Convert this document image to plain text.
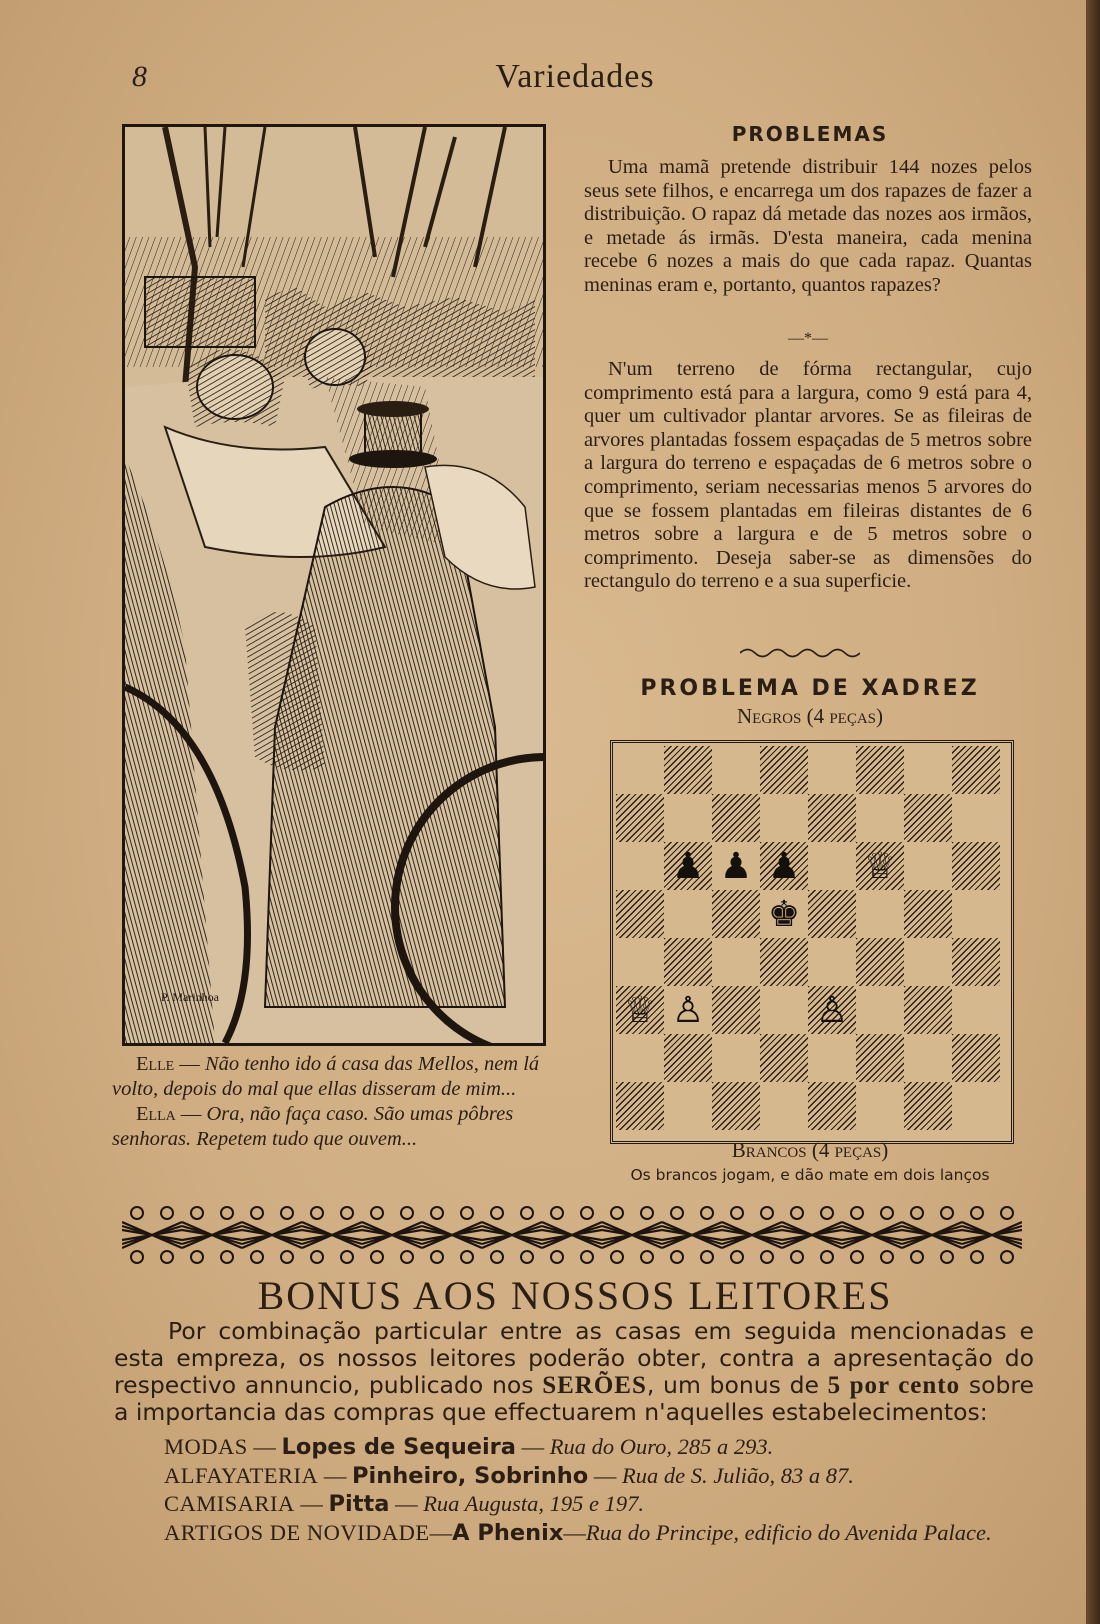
8	Variedades
P. Marinhoa

Elle — Não tenho ido á casa das Mellos, nem lá volto, depois do mal que ellas disseram de mim...

Ella — Ora, não faça caso. São umas pôbres senhoras. Repetem tudo que ouvem...

PROBLEMAS

Uma mamã pretende distribuir 144 nozes pelos seus sete filhos, e encarrega um dos rapazes de fazer a distribuição. O rapaz dá metade das nozes aos irmãos, e metade ás irmãs. D'esta maneira, cada menina recebe 6 nozes a mais do que cada rapaz. Quantas meninas eram e, portanto, quantos rapazes?

—*—

N'um terreno de fórma rectangular, cujo comprimento está para a largura, como 9 está para 4, quer um cultivador plantar arvores. Se as fileiras de arvores plantadas fossem espaçadas de 5 metros sobre a largura do terreno e espaçadas de 6 metros sobre o comprimento, seriam necessarias menos 5 arvores do que se fossem plantadas em fileiras distantes de 6 metros sobre a largura e de 5 metros sobre o comprimento. Deseja saber-se as dimensões do rectangulo do terreno e a sua superficie.

PROBLEMA DE XADREZ
Negros (4 peças)
♟ ♟ ♟ ♕
♚
♕ ♙	♙
Brancos (4 peças)
Os brancos jogam, e dão mate em dois lanços
BONUS AOS NOSSOS LEITORES

Por combinação particular entre as casas em seguida mencionadas e esta empreza, os nossos leitores poderão obter, contra a apresentação do respectivo annuncio, publicado nos SERÕES, um bonus de 5 por cento sobre a importancia das compras que effectuarem n'aquelles estabelecimentos:

MODAS — Lopes de Sequeira — Rua do Ouro, 285 a 293.
ALFAYATERIA — Pinheiro, Sobrinho — Rua de S. Julião, 83 a 87.
CAMISARIA — Pitta — Rua Augusta, 195 e 197.
ARTIGOS DE NOVIDADE—A Phenix—Rua do Principe, edificio do Avenida Palace.
